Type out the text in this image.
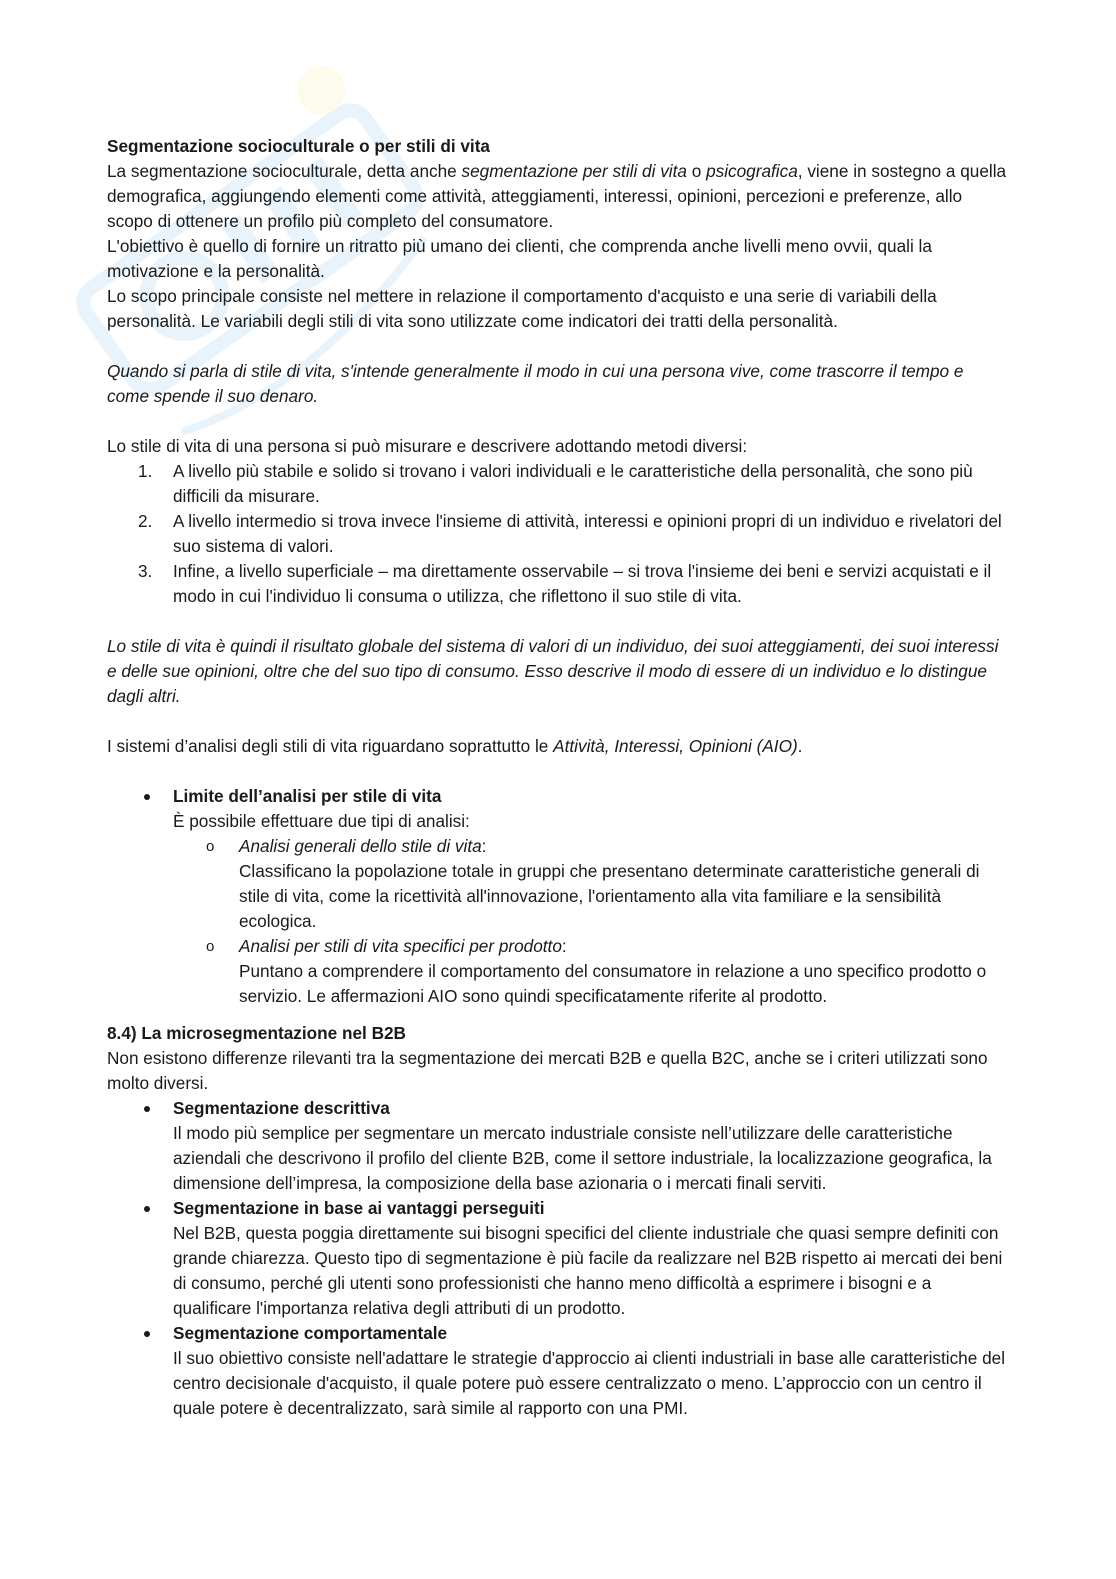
Segmentazione socioculturale o per stili di vita

La segmentazione socioculturale, detta anche segmentazione per stili di vita o psicografica, viene in sostegno a quella demografica, aggiungendo elementi come attività, atteggiamenti, interessi, opinioni, percezioni e preferenze, allo scopo di ottenere un profilo più completo del consumatore.

L'obiettivo è quello di fornire un ritratto più umano dei clienti, che comprenda anche livelli meno ovvii, quali la motivazione e la personalità.

Lo scopo principale consiste nel mettere in relazione il comportamento d'acquisto e una serie di variabili della personalità. Le variabili degli stili di vita sono utilizzate come indicatori dei tratti della personalità.

Quando si parla di stile di vita, s'intende generalmente il modo in cui una persona vive, come trascorre il tempo e come spende il suo denaro.

Lo stile di vita di una persona si può misurare e descrivere adottando metodi diversi:

1. A livello più stabile e solido si trovano i valori individuali e le caratteristiche della personalità, che sono più difficili da misurare.
2. A livello intermedio si trova invece l'insieme di attività, interessi e opinioni propri di un individuo e rivelatori del suo sistema di valori.
3. Infine, a livello superficiale – ma direttamente osservabile – si trova l'insieme dei beni e servizi acquistati e il modo in cui l'individuo li consuma o utilizza, che riflettono il suo stile di vita.

Lo stile di vita è quindi il risultato globale del sistema di valori di un individuo, dei suoi atteggiamenti, dei suoi interessi e delle sue opinioni, oltre che del suo tipo di consumo. Esso descrive il modo di essere di un individuo e lo distingue dagli altri.

I sistemi d’analisi degli stili di vita riguardano soprattutto le Attività, Interessi, Opinioni (AIO).

Limite dell’analisi per stile di vita
È possibile effettuare due tipi di analisi:
o Analisi generali dello stile di vita:
Classificano la popolazione totale in gruppi che presentano determinate caratteristiche generali di stile di vita, come la ricettività all'innovazione, l'orientamento alla vita familiare e la sensibilità ecologica.
o Analisi per stili di vita specifici per prodotto:
Puntano a comprendere il comportamento del consumatore in relazione a uno specifico prodotto o servizio. Le affermazioni AIO sono quindi specificatamente riferite al prodotto.

8.4) La microsegmentazione nel B2B

Non esistono differenze rilevanti tra la segmentazione dei mercati B2B e quella B2C, anche se i criteri utilizzati sono molto diversi.

Segmentazione descrittiva
Il modo più semplice per segmentare un mercato industriale consiste nell’utilizzare delle caratteristiche aziendali che descrivono il profilo del cliente B2B, come il settore industriale, la localizzazione geografica, la dimensione dell’impresa, la composizione della base azionaria o i mercati finali serviti.
Segmentazione in base ai vantaggi perseguiti
Nel B2B, questa poggia direttamente sui bisogni specifici del cliente industriale che quasi sempre definiti con grande chiarezza. Questo tipo di segmentazione è più facile da realizzare nel B2B rispetto ai mercati dei beni di consumo, perché gli utenti sono professionisti che hanno meno difficoltà a esprimere i bisogni e a qualificare l'importanza relativa degli attributi di un prodotto.
Segmentazione comportamentale
Il suo obiettivo consiste nell'adattare le strategie d'approccio ai clienti industriali in base alle caratteristiche del centro decisionale d'acquisto, il quale potere può essere centralizzato o meno. L’approccio con un centro il quale potere è decentralizzato, sarà simile al rapporto con una PMI.
